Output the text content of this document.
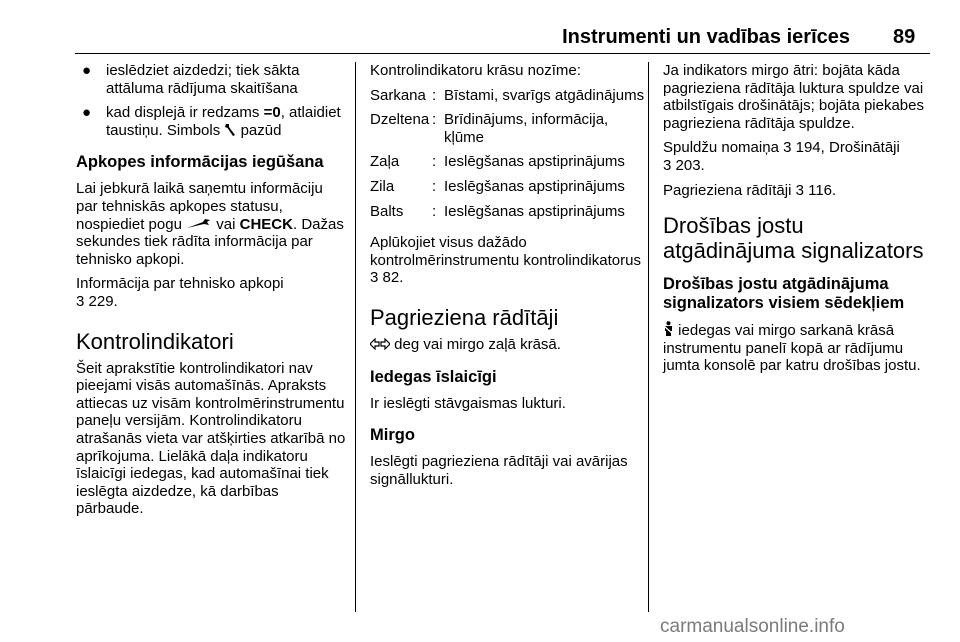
Instrumenti un vadības ierīces 89
● ieslēdziet aizdedzi; tiek sākta attāluma rādījuma skaitīšana
● kad displejā ir redzams =0, atlaidiet taustiņu. Simbols pazūd
Apkopes informācijas iegūšana

Lai jebkurā laikā saņemtu informāciju par tehniskās apkopes statusu, nospiediet pogu vai CHECK. Dažas sekundes tiek rādīta informācija par tehnisko apkopi.

Informācija par tehnisko apkopi
3 229.

Kontrolindikatori

Šeit aprakstītie kontrolindikatori nav pieejami visās automašīnās. Apraksts attiecas uz visām kontrolmērinstrumentu paneļu versijām. Kontrolindikatoru atrašanās vieta var atšķirties atkarībā no aprīkojuma. Lielākā daļa indikatoru īslaicīgi iedegas, kad automašīnai tiek ieslēgta aizdedze, kā darbības pārbaude.

Kontrolindikatoru krāsu nozīme:

Sarkana : Bīstami, svarīgs atgādinājums
Dzeltena : Brīdinājums, informācija, kļūme
Zaļa	: Ieslēgšanas apstiprinājums
Zila	: Ieslēgšanas apstiprinājums
Balts	: Ieslēgšanas apstiprinājums

Aplūkojiet visus dažādo kontrolmērinstrumentu kontrolindikatorus 3 82.

Pagrieziena rādītāji

deg vai mirgo zaļā krāsā.

Iedegas īslaicīgi

Ir ieslēgti stāvgaismas lukturi.

Mirgo

Ieslēgti pagrieziena rādītāji vai avārijas signāllukturi.

Ja indikators mirgo ātri: bojāta kāda pagrieziena rādītāja luktura spuldze vai atbilstīgais drošinātājs; bojāta piekabes pagrieziena rādītāja spuldze.

Spuldžu nomaiņa 3 194, Drošinātāji
3 203.

Pagrieziena rādītāji 3 116.

Drošības jostu atgādinājuma signalizators
Drošības jostu atgādinājuma signalizators visiem sēdekļiem

iedegas vai mirgo sarkanā krāsā instrumentu panelī kopā ar rādījumu jumta konsolē par katru drošības jostu.

carmanualsonline.info
